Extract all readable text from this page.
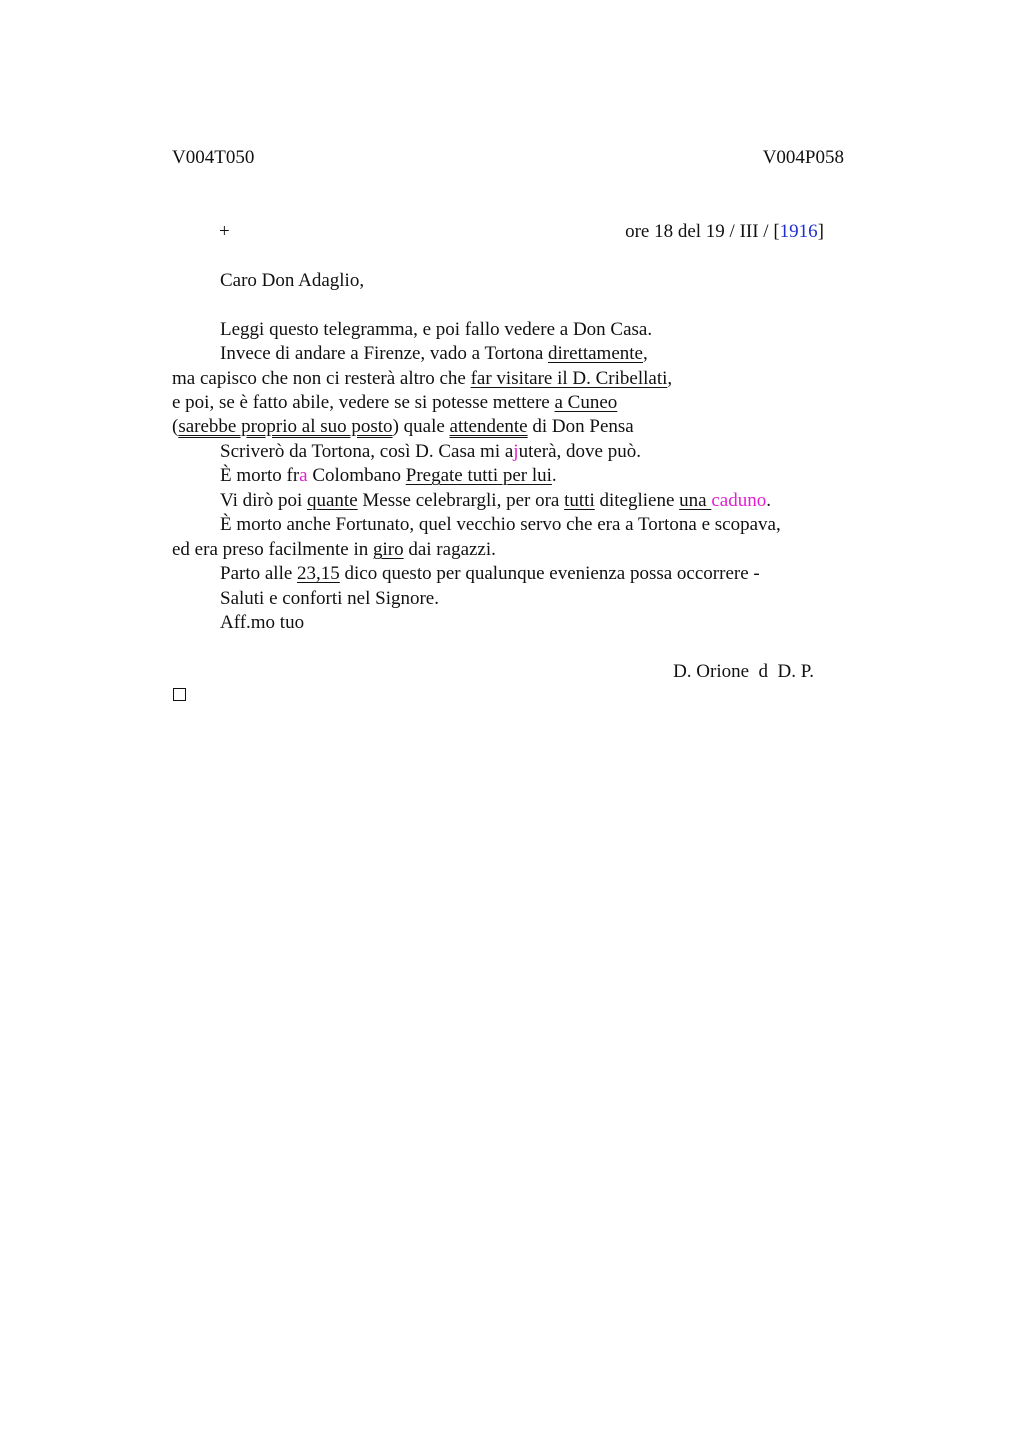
V004T050	V004P058
+	ore 18 del 19 / III / [1916]
Caro Don Adaglio,
Leggi questo telegramma, e poi fallo vedere a Don Casa.
Invece di andare a Firenze, vado a Tortona direttamente,
ma capisco che non ci resterà altro che far visitare il D. Cribellati,
e poi, se è fatto abile, vedere se si potesse mettere a Cuneo
(sarebbe proprio al suo posto) quale attendente di Don Pensa
Scriverò da Tortona, così D. Casa mi ajuterà, dove può.
È morto fra Colombano Pregate tutti per lui.
Vi dirò poi quante Messe celebrargli, per ora tutti ditegliene una caduno.
È morto anche Fortunato, quel vecchio servo che era a Tortona e scopava,
ed era preso facilmente in giro dai ragazzi.
Parto alle 23,15 dico questo per qualunque evenienza possa occorrere -
Saluti e conforti nel Signore.
Aff.mo tuo
D. Orione  d  D. P.
